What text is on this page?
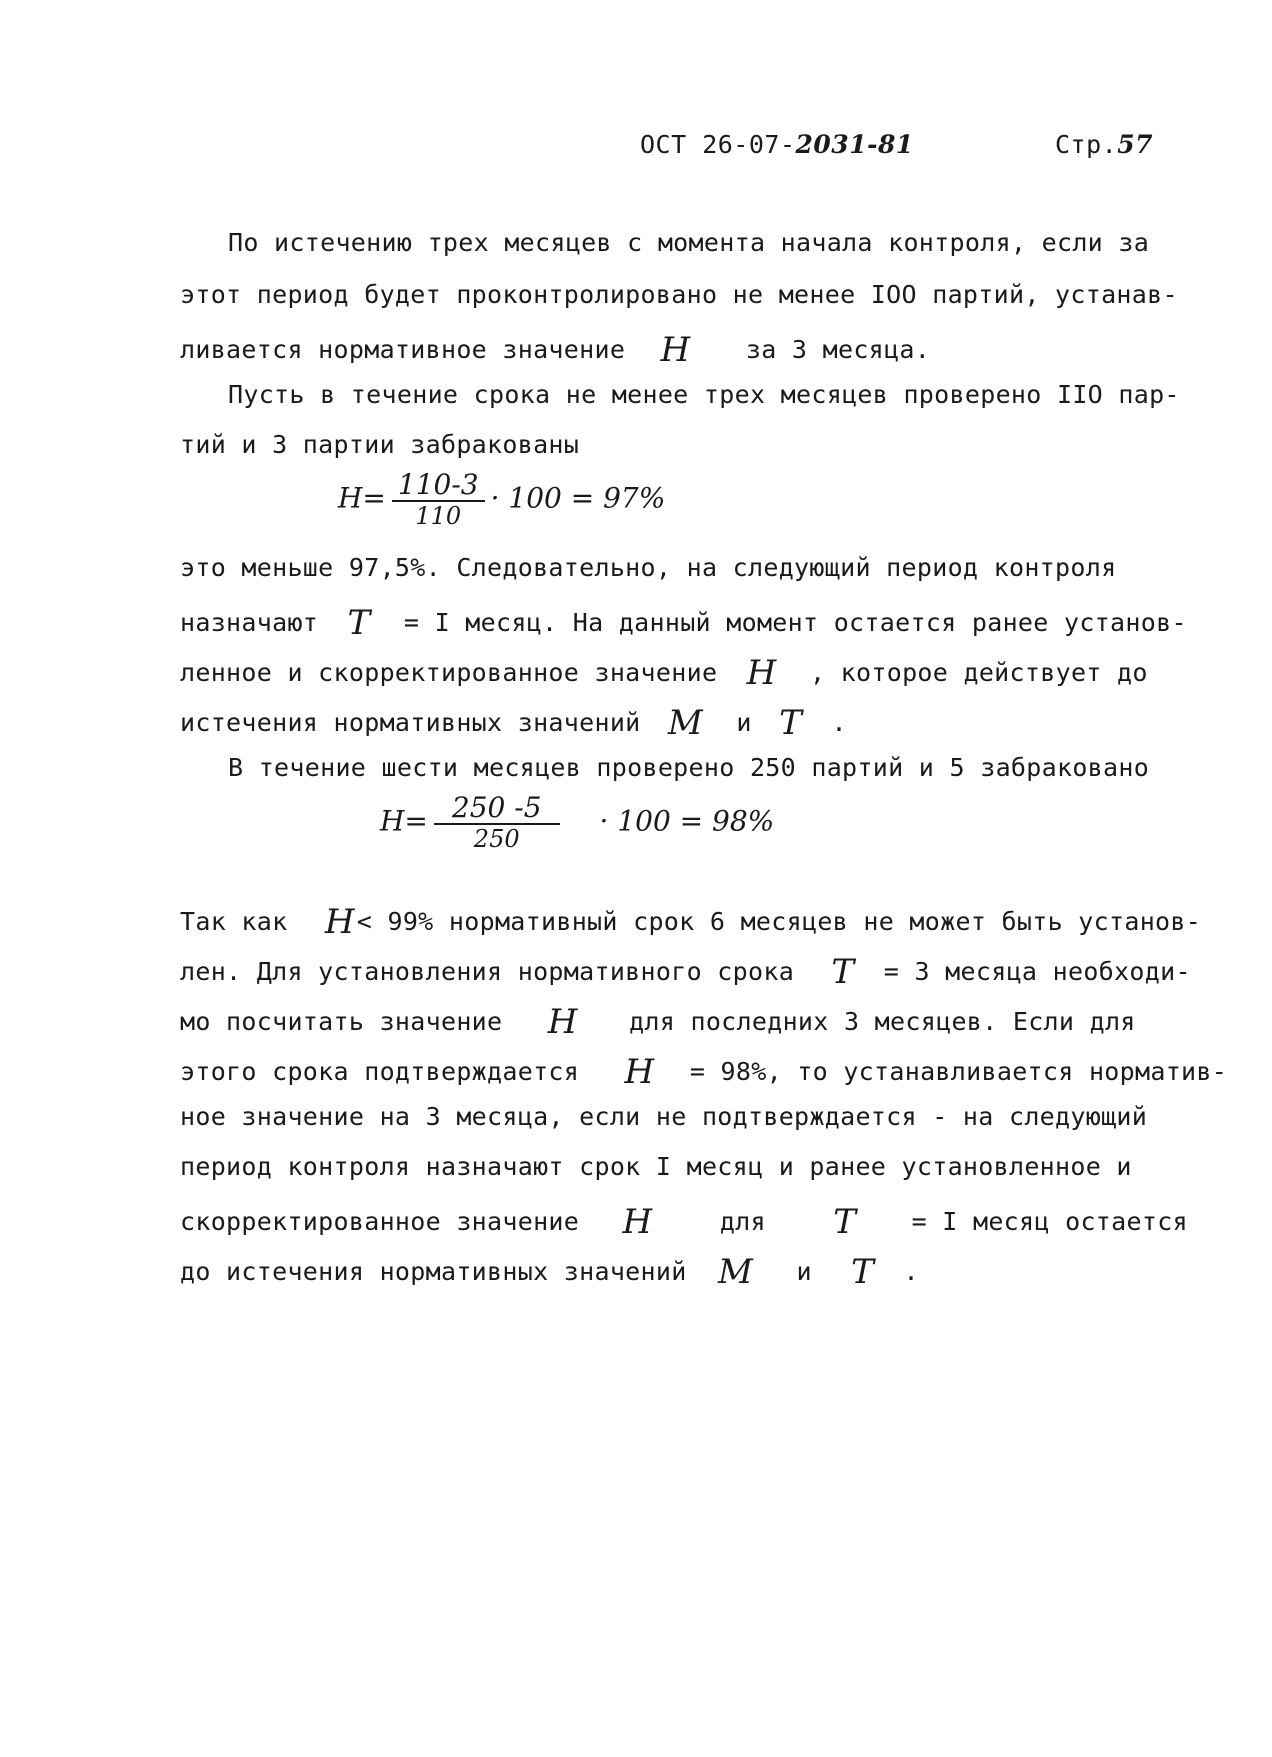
ОСТ 26-07-2031-81	Стр.57
По истечению трех месяцев с момента начала контроля, если за
этот период будет проконтролировано не менее IOO партий, устанав-
ливается нормативное значение H за 3 месяца.
Пусть в течение срока не менее трех месяцев проверено IIO пар-
тий и 3 партии забракованы
$H= \frac{110-3}{110} \cdot 100 = 97\%$
это меньше 97,5%. Следовательно, на следующий период контроля
назначают T = I месяц. На данный момент остается ранее установ-
ленное и скорректированное значение H , которое действует до
истечения нормативных значений M и T .
В течение шести месяцев проверено 250 партий и 5 забраковано
$H= \frac{250 -5}{250} \cdot 100 = 98\%$
Так как H< 99% нормативный срок 6 месяцев не может быть установ-
лен. Для установления нормативного срока T = 3 месяца необходи-
мо посчитать значение H для последних 3 месяцев. Если для
этого срока подтверждается H = 98%, то устанавливается норматив-
ное значение на 3 месяца, если не подтверждается - на следующий
период контроля назначают срок I месяц и ранее установленное и
скорректированное значение H	для T = I месяц остается
до истечения нормативных значений M и T .
